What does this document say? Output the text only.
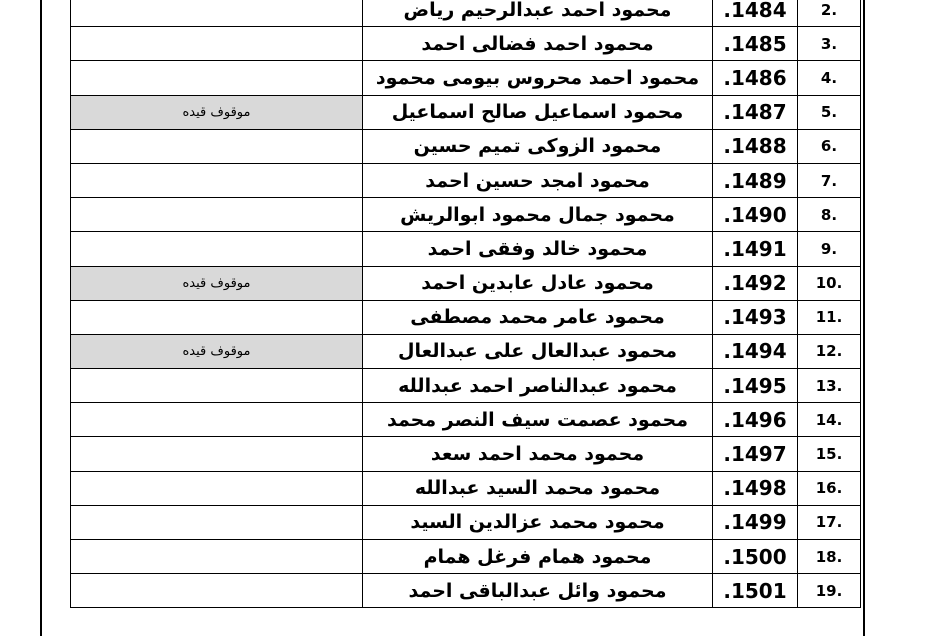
2.	.1484	محمود احمد عبدالرحيم رياض	
3.	.1485	محمود احمد فضالى احمد	
4.	.1486	محمود احمد محروس بيومى محمود	
5.	.1487	محمود اسماعيل صالح اسماعيل	موقوف قيده
6.	.1488	محمود الزوكى تميم حسين	
7.	.1489	محمود امجد حسين احمد	
8.	.1490	محمود جمال محمود ابوالريش	
9.	.1491	محمود خالد وفقى احمد	
10.	.1492	محمود عادل عابدين احمد	موقوف قيده
11.	.1493	محمود عامر محمد مصطفى	
12.	.1494	محمود عبدالعال على عبدالعال	موقوف قيده
13.	.1495	محمود عبدالناصر احمد عبدالله	
14.	.1496	محمود عصمت سيف النصر محمد	
15.	.1497	محمود محمد احمد سعد	
16.	.1498	محمود محمد السيد عبدالله	
17.	.1499	محمود محمد عزالدين السيد	
18.	.1500	محمود همام فرغل همام	
19.	.1501	محمود وائل عبدالباقى احمد	
